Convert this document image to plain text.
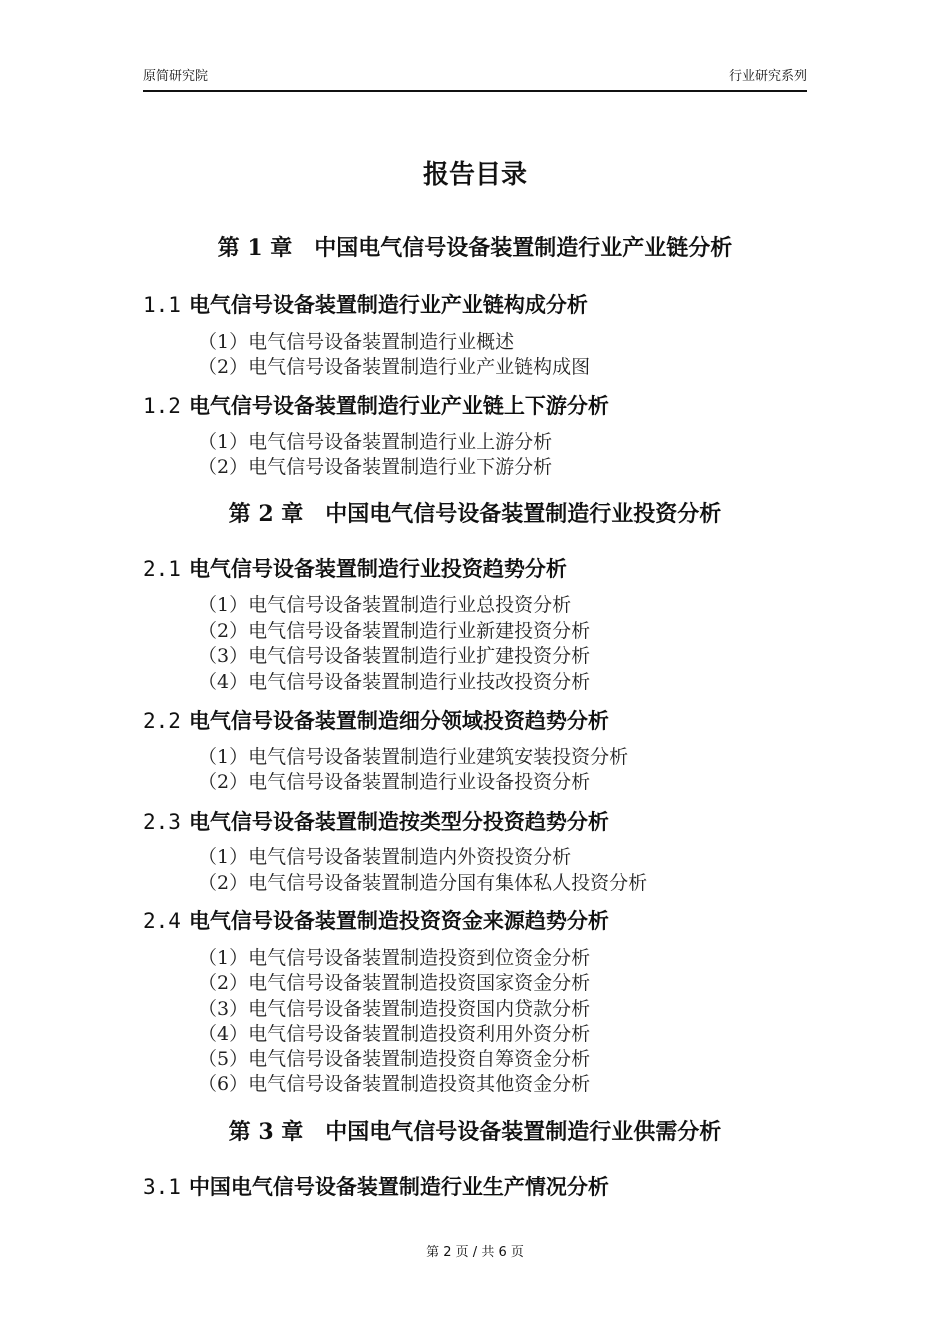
原简研究院	行业研究系列
报告目录
第 1 章　中国电气信号设备装置制造行业产业链分析
1.1 电气信号设备装置制造行业产业链构成分析
（1）电气信号设备装置制造行业概述
（2）电气信号设备装置制造行业产业链构成图
1.2 电气信号设备装置制造行业产业链上下游分析
（1）电气信号设备装置制造行业上游分析
（2）电气信号设备装置制造行业下游分析
第 2 章　中国电气信号设备装置制造行业投资分析
2.1 电气信号设备装置制造行业投资趋势分析
（1）电气信号设备装置制造行业总投资分析
（2）电气信号设备装置制造行业新建投资分析
（3）电气信号设备装置制造行业扩建投资分析
（4）电气信号设备装置制造行业技改投资分析
2.2 电气信号设备装置制造细分领域投资趋势分析
（1）电气信号设备装置制造行业建筑安装投资分析
（2）电气信号设备装置制造行业设备投资分析
2.3 电气信号设备装置制造按类型分投资趋势分析
（1）电气信号设备装置制造内外资投资分析
（2）电气信号设备装置制造分国有集体私人投资分析
2.4 电气信号设备装置制造投资资金来源趋势分析
（1）电气信号设备装置制造投资到位资金分析
（2）电气信号设备装置制造投资国家资金分析
（3）电气信号设备装置制造投资国内贷款分析
（4）电气信号设备装置制造投资利用外资分析
（5）电气信号设备装置制造投资自筹资金分析
（6）电气信号设备装置制造投资其他资金分析
第 3 章　中国电气信号设备装置制造行业供需分析
3.1 中国电气信号设备装置制造行业生产情况分析
第 2 页 / 共 6 页
